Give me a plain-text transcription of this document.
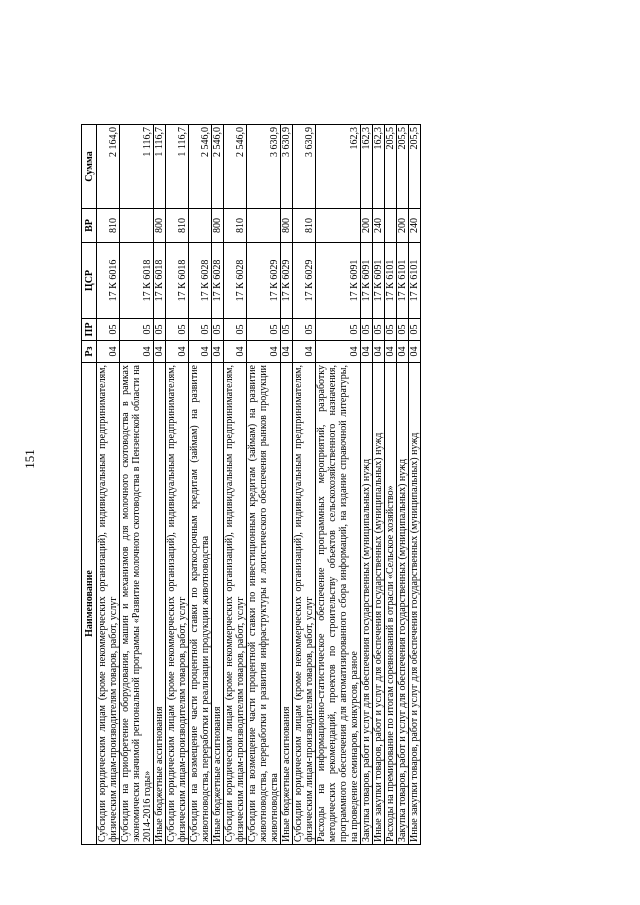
151
Наименование	Рз	ПР	ЦСР	ВР	Сумма
Субсидии юридическим лицам (кроме некоммерческих организаций), индивидуальным предпринимателям, физическим лицам-производителям товаров, работ, услуг	04	05	17 К 6016	810	2 164,0
Субсидии на приобретение оборудования, машин и механизмов для молочного скотоводства в рамках экономически значимой региональной программы «Развитие молочного скотоводства в Пензенской области на 2014-2016 годы»	04	05	17 К 6018		1 116,7
Иные бюджетные ассигнования	04	05	17 К 6018	800	1 116,7
Субсидии юридическим лицам (кроме некоммерческих организаций), индивидуальным предпринимателям, физическим лицам-производителям товаров, работ, услуг	04	05	17 К 6018	810	1 116,7
Субсидии на возмещение части процентной ставки по краткосрочным кредитам (займам) на развитие животноводства, переработки и реализации продукции животноводства	04	05	17 К 6028		2 546,0
Иные бюджетные ассигнования	04	05	17 К 6028	800	2 546,0
Субсидии юридическим лицам (кроме некоммерческих организаций), индивидуальным предпринимателям, физическим лицам-производителям товаров, работ, услуг	04	05	17 К 6028	810	2 546,0
Субсидии на возмещение части процентной ставки по инвестиционным кредитам (займам) на развитие животноводства, переработки и развития инфраструктуры и логистического обеспечения рынков продукции животноводства	04	05	17 К 6029		3 630,9
Иные бюджетные ассигнования	04	05	17 К 6029	800	3 630,9
Субсидии юридическим лицам (кроме некоммерческих организаций), индивидуальным предпринимателям, физическим лицам-производителям товаров, работ, услуг	04	05	17 К 6029	810	3 630,9
Расходы на информационно-статистическое обеспечение программных мероприятий, разработку методических рекомендаций, проектов по строительству объектов сельскохозяйственного назначения, программного обеспечения для автоматизированного сбора информаций, на издание справочной литературы, на проведение семинаров, конкурсов, разное	04	05	17 К 6091		162,3
Закупка товаров, работ и услуг для обеспечения государственных (муниципальных) нужд	04	05	17 К 6091	200	162,3
Иные закупки товаров, работ и услуг для обеспечения государственных (муниципальных) нужд	04	05	17 К 6091	240	162,3
Расходы на премирование по итогам соревнований в отрасли «Сельское хозяйство»	04	05	17 К 6101		205,5
Закупка товаров, работ и услуг для обеспечения государственных (муниципальных) нужд	04	05	17 К 6101	200	205,5
Иные закупки товаров, работ и услуг для обеспечения государственных (муниципальных) нужд	04	05	17 К 6101	240	205,5
